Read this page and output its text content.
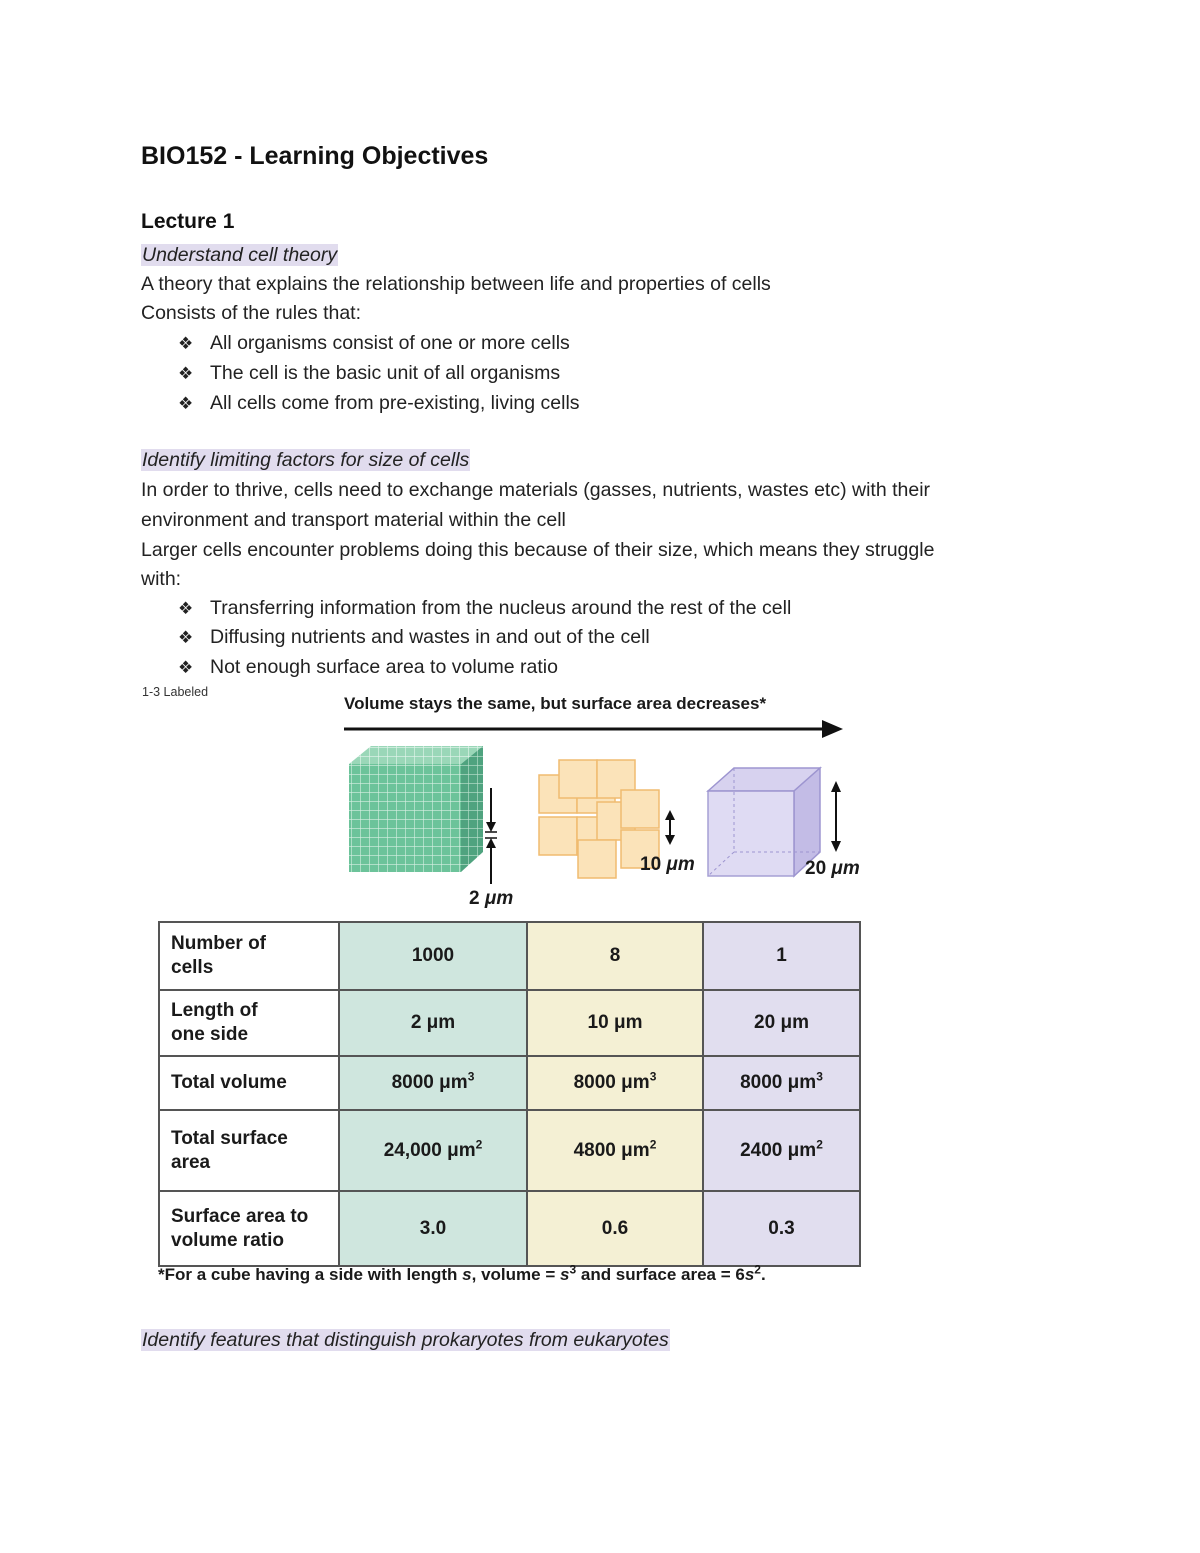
BIO152 - Learning Objectives
Lecture 1
Understand cell theory
A theory that explains the relationship between life and properties of cells
Consists of the rules that:
❖ All organisms consist of one or more cells
❖ The cell is the basic unit of all organisms
❖ All cells come from pre-existing, living cells
Identify limiting factors for size of cells
In order to thrive, cells need to exchange materials (gasses, nutrients, wastes etc) with their
environment and transport material within the cell
Larger cells encounter problems doing this because of their size, which means they struggle
with:
❖ Transferring information from the nucleus around the rest of the cell
❖ Diffusing nutrients and wastes in and out of the cell
❖ Not enough surface area to volume ratio
1-3 Labeled
Volume stays the same, but surface area decreases*
2 μm
10 μm	20 μm
Number of
cells	1000	8	1
Length of
one side	2 μm	10 μm	20 μm
Total volume	8000 $\mu m^3$	8000 $\mu m^3$	8000 $\mu m^3$
Total surface
area	24,000 $\mu m^2$	4800 $\mu m^2$	2400 $\mu m^2$
Surface area to
volume ratio	3.0	0.6	0.3
*For a cube having a side with length s, volume = $s^3$ and surface area = $6s^2$.
Identify features that distinguish prokaryotes from eukaryotes
